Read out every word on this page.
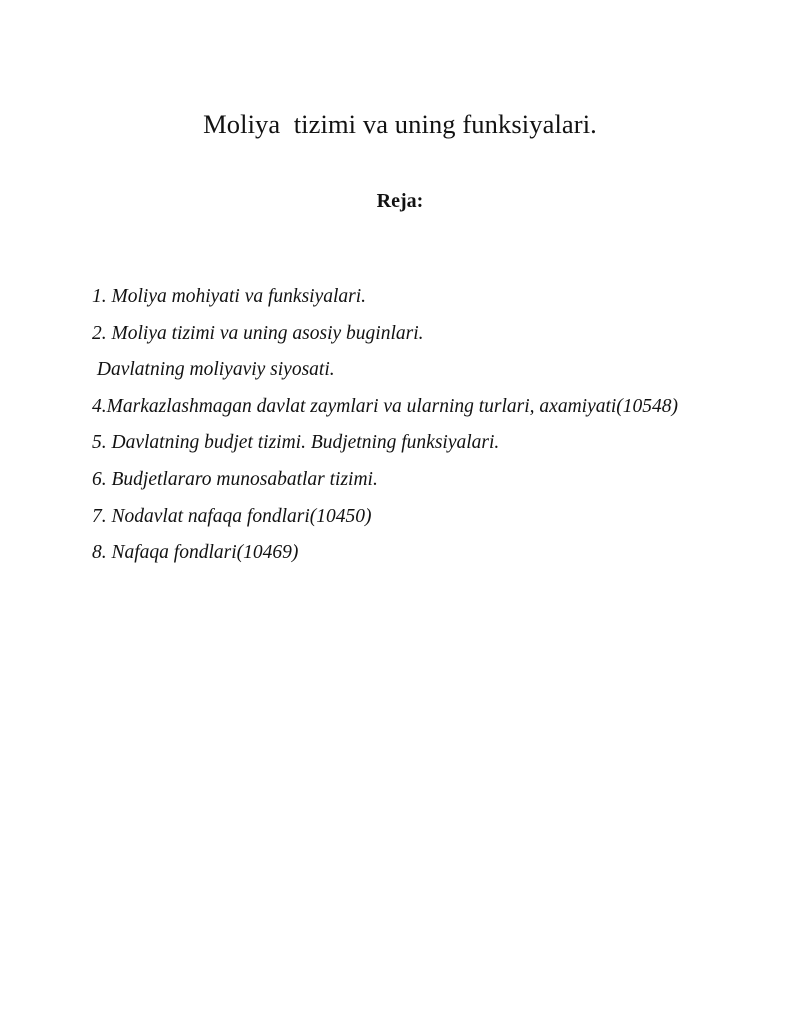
Moliya  tizimi va uning funksiyalari.
Reja:
1. Moliya mohiyati va funksiyalari.
2. Moliya tizimi va uning asosiy buginlari.
Davlatning moliyaviy siyosati.
4.Markazlashmagan davlat zaymlari va ularning turlari, axamiyati(10548)
5. Davlatning budjet tizimi. Budjetning funksiyalari.
6. Budjetlararo munosabatlar tizimi.
7. Nodavlat nafaqa fondlari(10450)
8. Nafaqa fondlari(10469)
